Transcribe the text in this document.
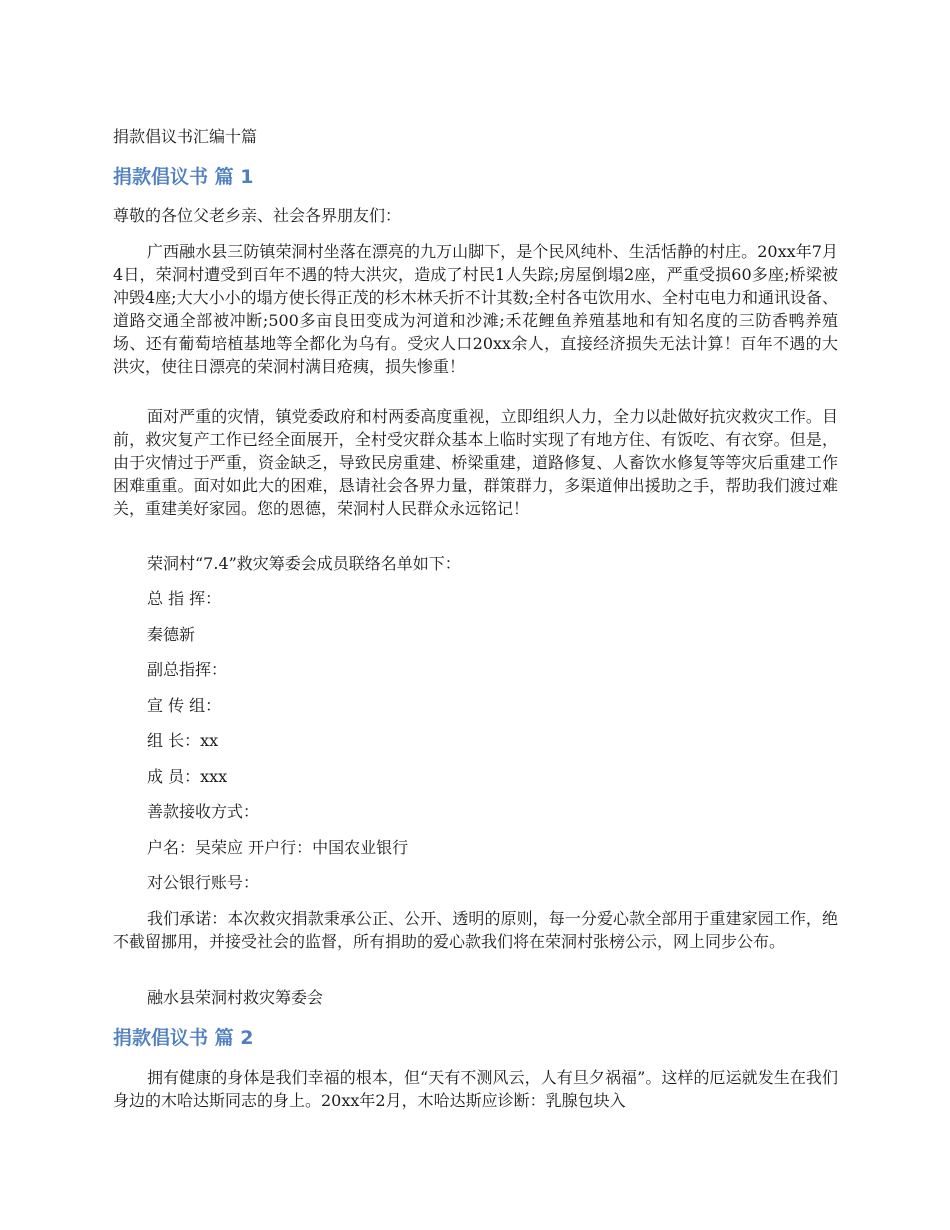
捐款倡议书汇编十篇
捐款倡议书 篇 1
尊敬的各位父老乡亲、社会各界朋友们：
广西融水县三防镇荣洞村坐落在漂亮的九万山脚下，是个民风纯朴、生活恬静的村庄。20xx年7月4日，荣洞村遭受到百年不遇的特大洪灾，造成了村民1人失踪;房屋倒塌2座，严重受损60多座;桥梁被冲毁4座;大大小小的塌方使长得正茂的杉木林夭折不计其数;全村各屯饮用水、全村屯电力和通讯设备、道路交通全部被冲断;500多亩良田变成为河道和沙滩;禾花鲤鱼养殖基地和有知名度的三防香鸭养殖场、还有葡萄培植基地等全都化为乌有。受灾人口20xx余人，直接经济损失无法计算！百年不遇的大洪灾，使往日漂亮的荣洞村满目疮痍，损失惨重！
面对严重的灾情，镇党委政府和村两委高度重视，立即组织人力，全力以赴做好抗灾救灾工作。目前，救灾复产工作已经全面展开，全村受灾群众基本上临时实现了有地方住、有饭吃、有衣穿。但是，由于灾情过于严重，资金缺乏，导致民房重建、桥梁重建，道路修复、人畜饮水修复等等灾后重建工作困难重重。面对如此大的困难，恳请社会各界力量，群策群力，多渠道伸出援助之手，帮助我们渡过难关，重建美好家园。您的恩德，荣洞村人民群众永远铭记！
荣洞村“7.4”救灾筹委会成员联络名单如下：
总 指 挥：
秦德新
副总指挥：
宣 传 组：
组 长：xx
成 员：xxx
善款接收方式：
户名：吴荣应 开户行：中国农业银行
对公银行账号：
我们承诺：本次救灾捐款秉承公正、公开、透明的原则，每一分爱心款全部用于重建家园工作，绝不截留挪用，并接受社会的监督，所有捐助的爱心款我们将在荣洞村张榜公示，网上同步公布。
融水县荣洞村救灾筹委会
捐款倡议书 篇 2
拥有健康的身体是我们幸福的根本，但“天有不测风云，人有旦夕祸福”。这样的厄运就发生在我们身边的木哈达斯同志的身上。20xx年2月，木哈达斯应诊断：乳腺包块入
